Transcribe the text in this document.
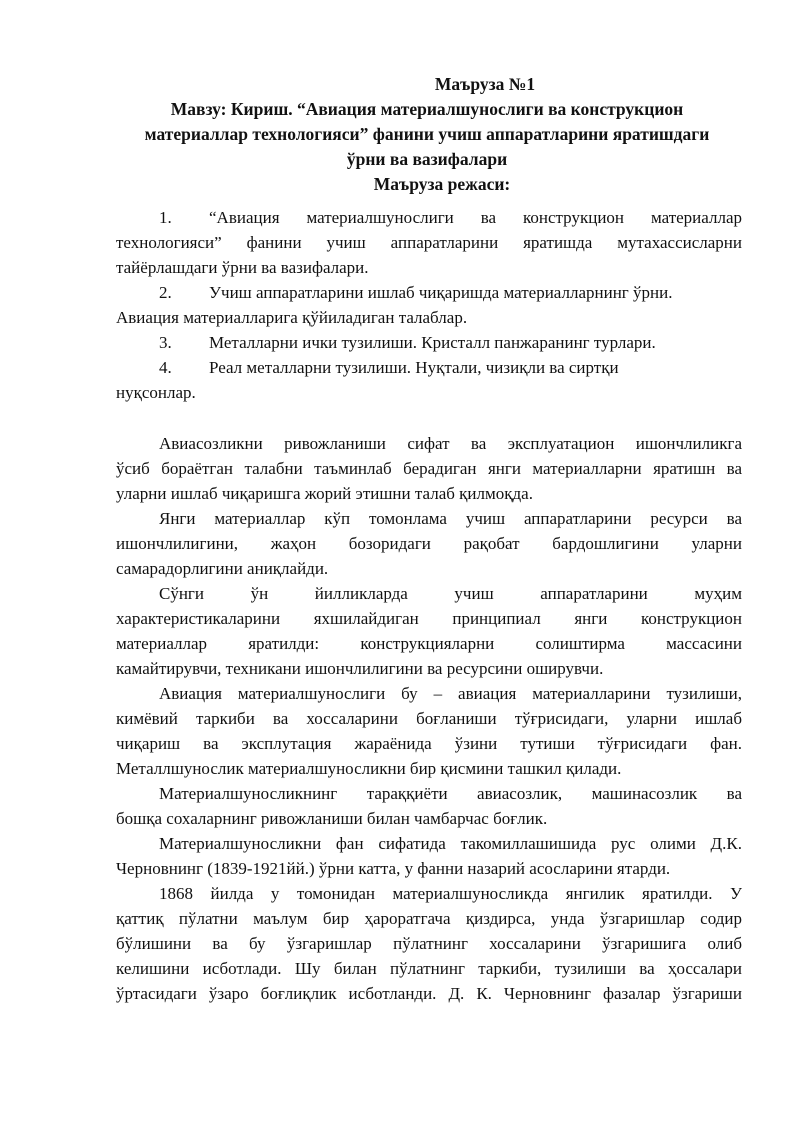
Маъруза №1
Мавзу: Кириш. “Авиация материалшунослиги ва конструкцион
материаллар технологияси” фанини учиш аппаратларини яратишдаги
ўрни ва вазифалари
Маъруза режаси:
1.	“Авиация материалшунослиги ва конструкцион материаллар
технологияси” фанини учиш аппаратларини яратишда мутахассисларни
тайёрлашдаги ўрни ва вазифалари.
2.	Учиш аппаратларини ишлаб чиқаришда материалларнинг ўрни.
Авиация материалларига қўйиладиган талаблар.
3.	Металларни ички тузилиши. Кристалл панжаранинг турлари.
4.	Реал металларни тузилиши. Нуқтали, чизиқли ва сиртқи
нуқсонлар.
Авиасозликни ривожланиши сифат ва эксплуатацион ишончлиликга
ўсиб бораётган талабни таъминлаб берадиган янги материалларни яратишн ва
уларни ишлаб чиқаришга жорий этишни талаб қилмоқда.
Янги материаллар кўп томонлама учиш аппаратларини ресурси ва
ишончлилигини, жаҳон бозоридаги рақобат бардошлигини уларни
самарадорлигини аниқлайди.
Сўнги ўн йилликларда учиш аппаратларини муҳим
характеристикаларини яхшилайдиган принципиал янги конструкцион
материаллар яратилди: конструкцияларни солиштирма массасини
камайтирувчи, техникани ишончлилигини ва ресурсини оширувчи.
Авиация материалшунослиги бу – авиация материалларини тузилиши,
кимёвий таркиби ва хоссаларини боғланиши тўғрисидаги, уларни ишлаб
чиқариш ва эксплутация жараёнида ўзини тутиши тўғрисидаги фан.
Металлшунослик материалшуносликни бир қисмини ташкил қилади.
Материалшуносликнинг тараққиёти авиасозлик, машинасозлик ва
бошқа сохаларнинг ривожланиши билан чамбарчас боғлик.
Материалшуносликни фан сифатида такомиллашишида рус олими Д.К.
Черновнинг (1839-1921йй.) ўрни катта, у фанни назарий асосларини ятарди.
1868 йилда у томонидан материалшуносликда янгилик яратилди. У
қаттиқ пўлатни маълум бир ҳароратгача қиздирса, унда ўзгаришлар содир
бўлишини ва бу ўзгаришлар пўлатнинг хоссаларини ўзгаришига олиб
келишини исботлади. Шу билан пўлатнинг таркиби, тузилиши ва ҳоссалари
ўртасидаги ўзаро боғлиқлик исботланди. Д. К. Черновнинг фазалар ўзгариши
